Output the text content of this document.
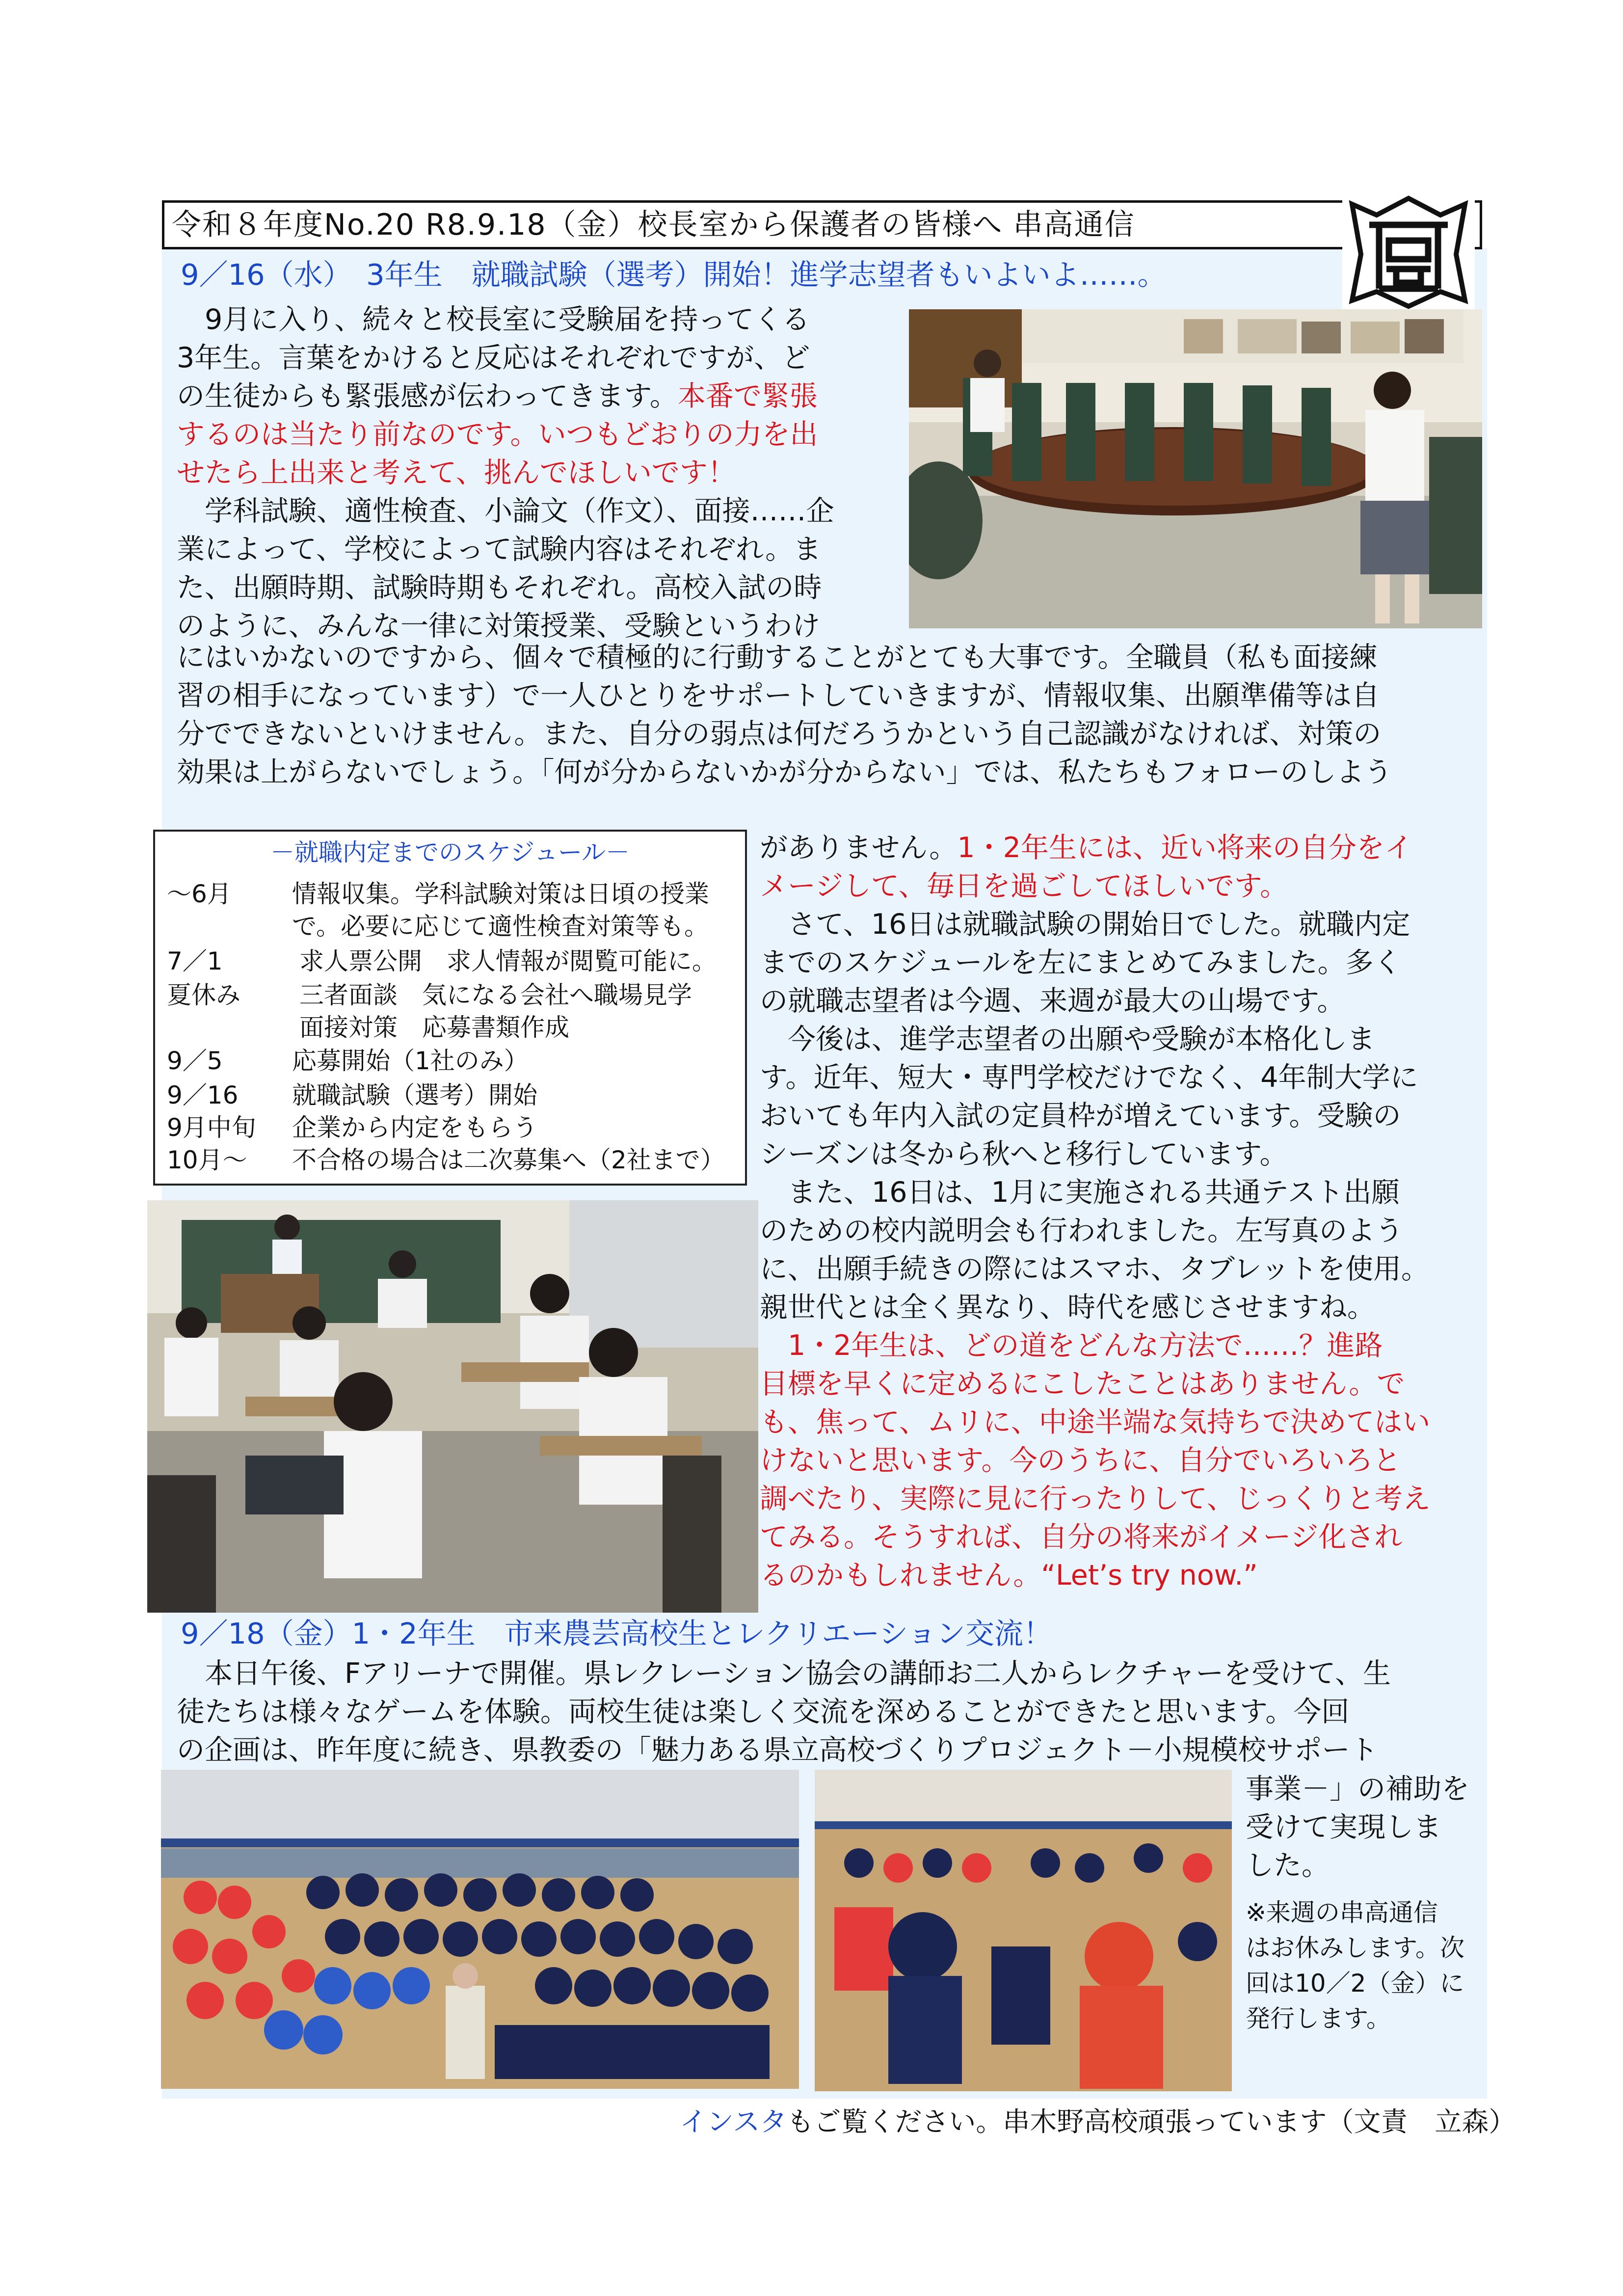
令和８年度No.20 R8.9.18（金）校長室から保護者の皆様へ 串高通信
9／16（水）　3年生　就職試験（選考）開始！進学志望者もいよいよ……。
　9月に入り、続々と校長室に受験届を持ってくる
3年生。言葉をかけると反応はそれぞれですが、ど
の生徒からも緊張感が伝わってきます。本番で緊張
するのは当たり前なのです。いつもどおりの力を出
せたら上出来と考えて、挑んでほしいです！
　学科試験、適性検査、小論文（作文）、面接……企
業によって、学校によって試験内容はそれぞれ。ま
た、出願時期、試験時期もそれぞれ。高校入試の時
のように、みんな一律に対策授業、受験というわけ
にはいかないのですから、個々で積極的に行動することがとても大事です。全職員（私も面接練
習の相手になっています）で一人ひとりをサポートしていきますが、情報収集、出願準備等は自
分でできないといけません。また、自分の弱点は何だろうかという自己認識がなければ、対策の
効果は上がらないでしょう。「何が分からないかが分からない」では、私たちもフォローのしよう
－就職内定までのスケジュール－
～6月 情報収集。学科試験対策は日頃の授業
で。必要に応じて適性検査対策等も。
7／1	求人票公開　求人情報が閲覧可能に。
夏休み 三者面談　気になる会社へ職場見学
面接対策　応募書類作成
9／5	応募開始（1社のみ）
9／16 就職試験（選考）開始
9月中旬 企業から内定をもらう
10月～ 不合格の場合は二次募集へ（2社まで）
がありません。1・2年生には、近い将来の自分をイ
メージして、毎日を過ごしてほしいです。
　さて、16日は就職試験の開始日でした。就職内定
までのスケジュールを左にまとめてみました。多く
の就職志望者は今週、来週が最大の山場です。
　今後は、進学志望者の出願や受験が本格化しま
す。近年、短大・専門学校だけでなく、4年制大学に
おいても年内入試の定員枠が増えています。受験の
シーズンは冬から秋へと移行しています。
　また、16日は、1月に実施される共通テスト出願
のための校内説明会も行われました。左写真のよう
に、出願手続きの際にはスマホ、タブレットを使用。
親世代とは全く異なり、時代を感じさせますね。
　1・2年生は、どの道をどんな方法で……？進路
目標を早くに定めるにこしたことはありません。で
も、焦って、ムリに、中途半端な気持ちで決めてはい
けないと思います。今のうちに、自分でいろいろと
調べたり、実際に見に行ったりして、じっくりと考え
てみる。そうすれば、自分の将来がイメージ化され
るのかもしれません。“Let’s try now.”
9／18（金）1・2年生　市来農芸高校生とレクリエーション交流！
　本日午後、Fアリーナで開催。県レクレーション協会の講師お二人からレクチャーを受けて、生
徒たちは様々なゲームを体験。両校生徒は楽しく交流を深めることができたと思います。今回
の企画は、昨年度に続き、県教委の「魅力ある県立高校づくりプロジェクト－小規模校サポート
事業－」の補助を
受けて実現しま
した。
※来週の串高通信
はお休みします。次
回は10／2（金）に
発行します。
インスタもご覧ください。串木野高校頑張っています（文責　立森）
